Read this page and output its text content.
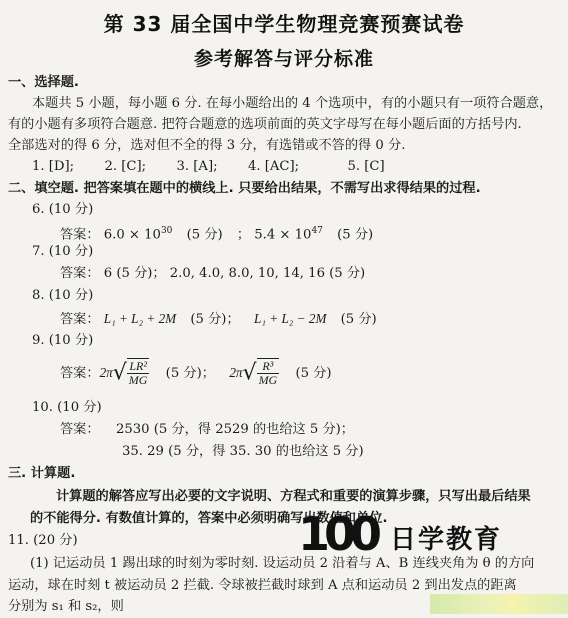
第 33 届全国中学生物理竞赛预赛试卷
参考解答与评分标准
一、选择题.
本题共 5 小题，每小题 6 分. 在每小题给出的 4 个选项中，有的小题只有一项符合题意，
有的小题有多项符合题意. 把符合题意的选项前面的英文字母写在每小题后面的方括号内.
全部选对的得 6 分，选对但不全的得 3 分，有选错或不答的得 0 分.
1. [D]; 2. [C]; 3. [A]; 4. [AC];	5. [C]
二、填空题. 把答案填在题中的横线上. 只要给出结果，不需写出求得结果的过程.
6. (10 分)
答案： $6.0 \times 10^{30}$ (5 分) ； $5.4 \times 10^{47}$ (5 分)
7. (10 分)
答案： 6 (5 分)； 2.0, 4.0, 8.0, 10, 14, 16 (5 分)
8. (10 分)
答案： L₁ + L₂ + 2M (5 分)；  L₁ + L₂ − 2M (5 分)
9. (10 分)
答案：$2\pi√ \frac{\text{LR²}}{MG} (5$ 分)；  $2\pi√ \frac{\text{R³}}{MG} (5$ 分)
10. (10 分)
答案： 2530 (5 分，得 2529 的也给这 5 分)；
35. 29 (5 分，得 35. 30 的也给这 5 分)
三. 计算题.
计算题的解答应写出必要的文字说明、方程式和重要的演算步骤，只写出最后结果
的不能得分. 有数值计算的，答案中必须明确写出数值和单位.
11. (20 分)
(1) 记运动员 1 踢出球的时刻为零时刻. 设运动员 2 沿着与 A、B 连线夹角为 θ 的方向
运动，球在时刻 t 被运动员 2 拦截. 令球被拦截时球到 A 点和运动员 2 到出发点的距离
分别为 s₁ 和 s₂，则
100 日学教育
